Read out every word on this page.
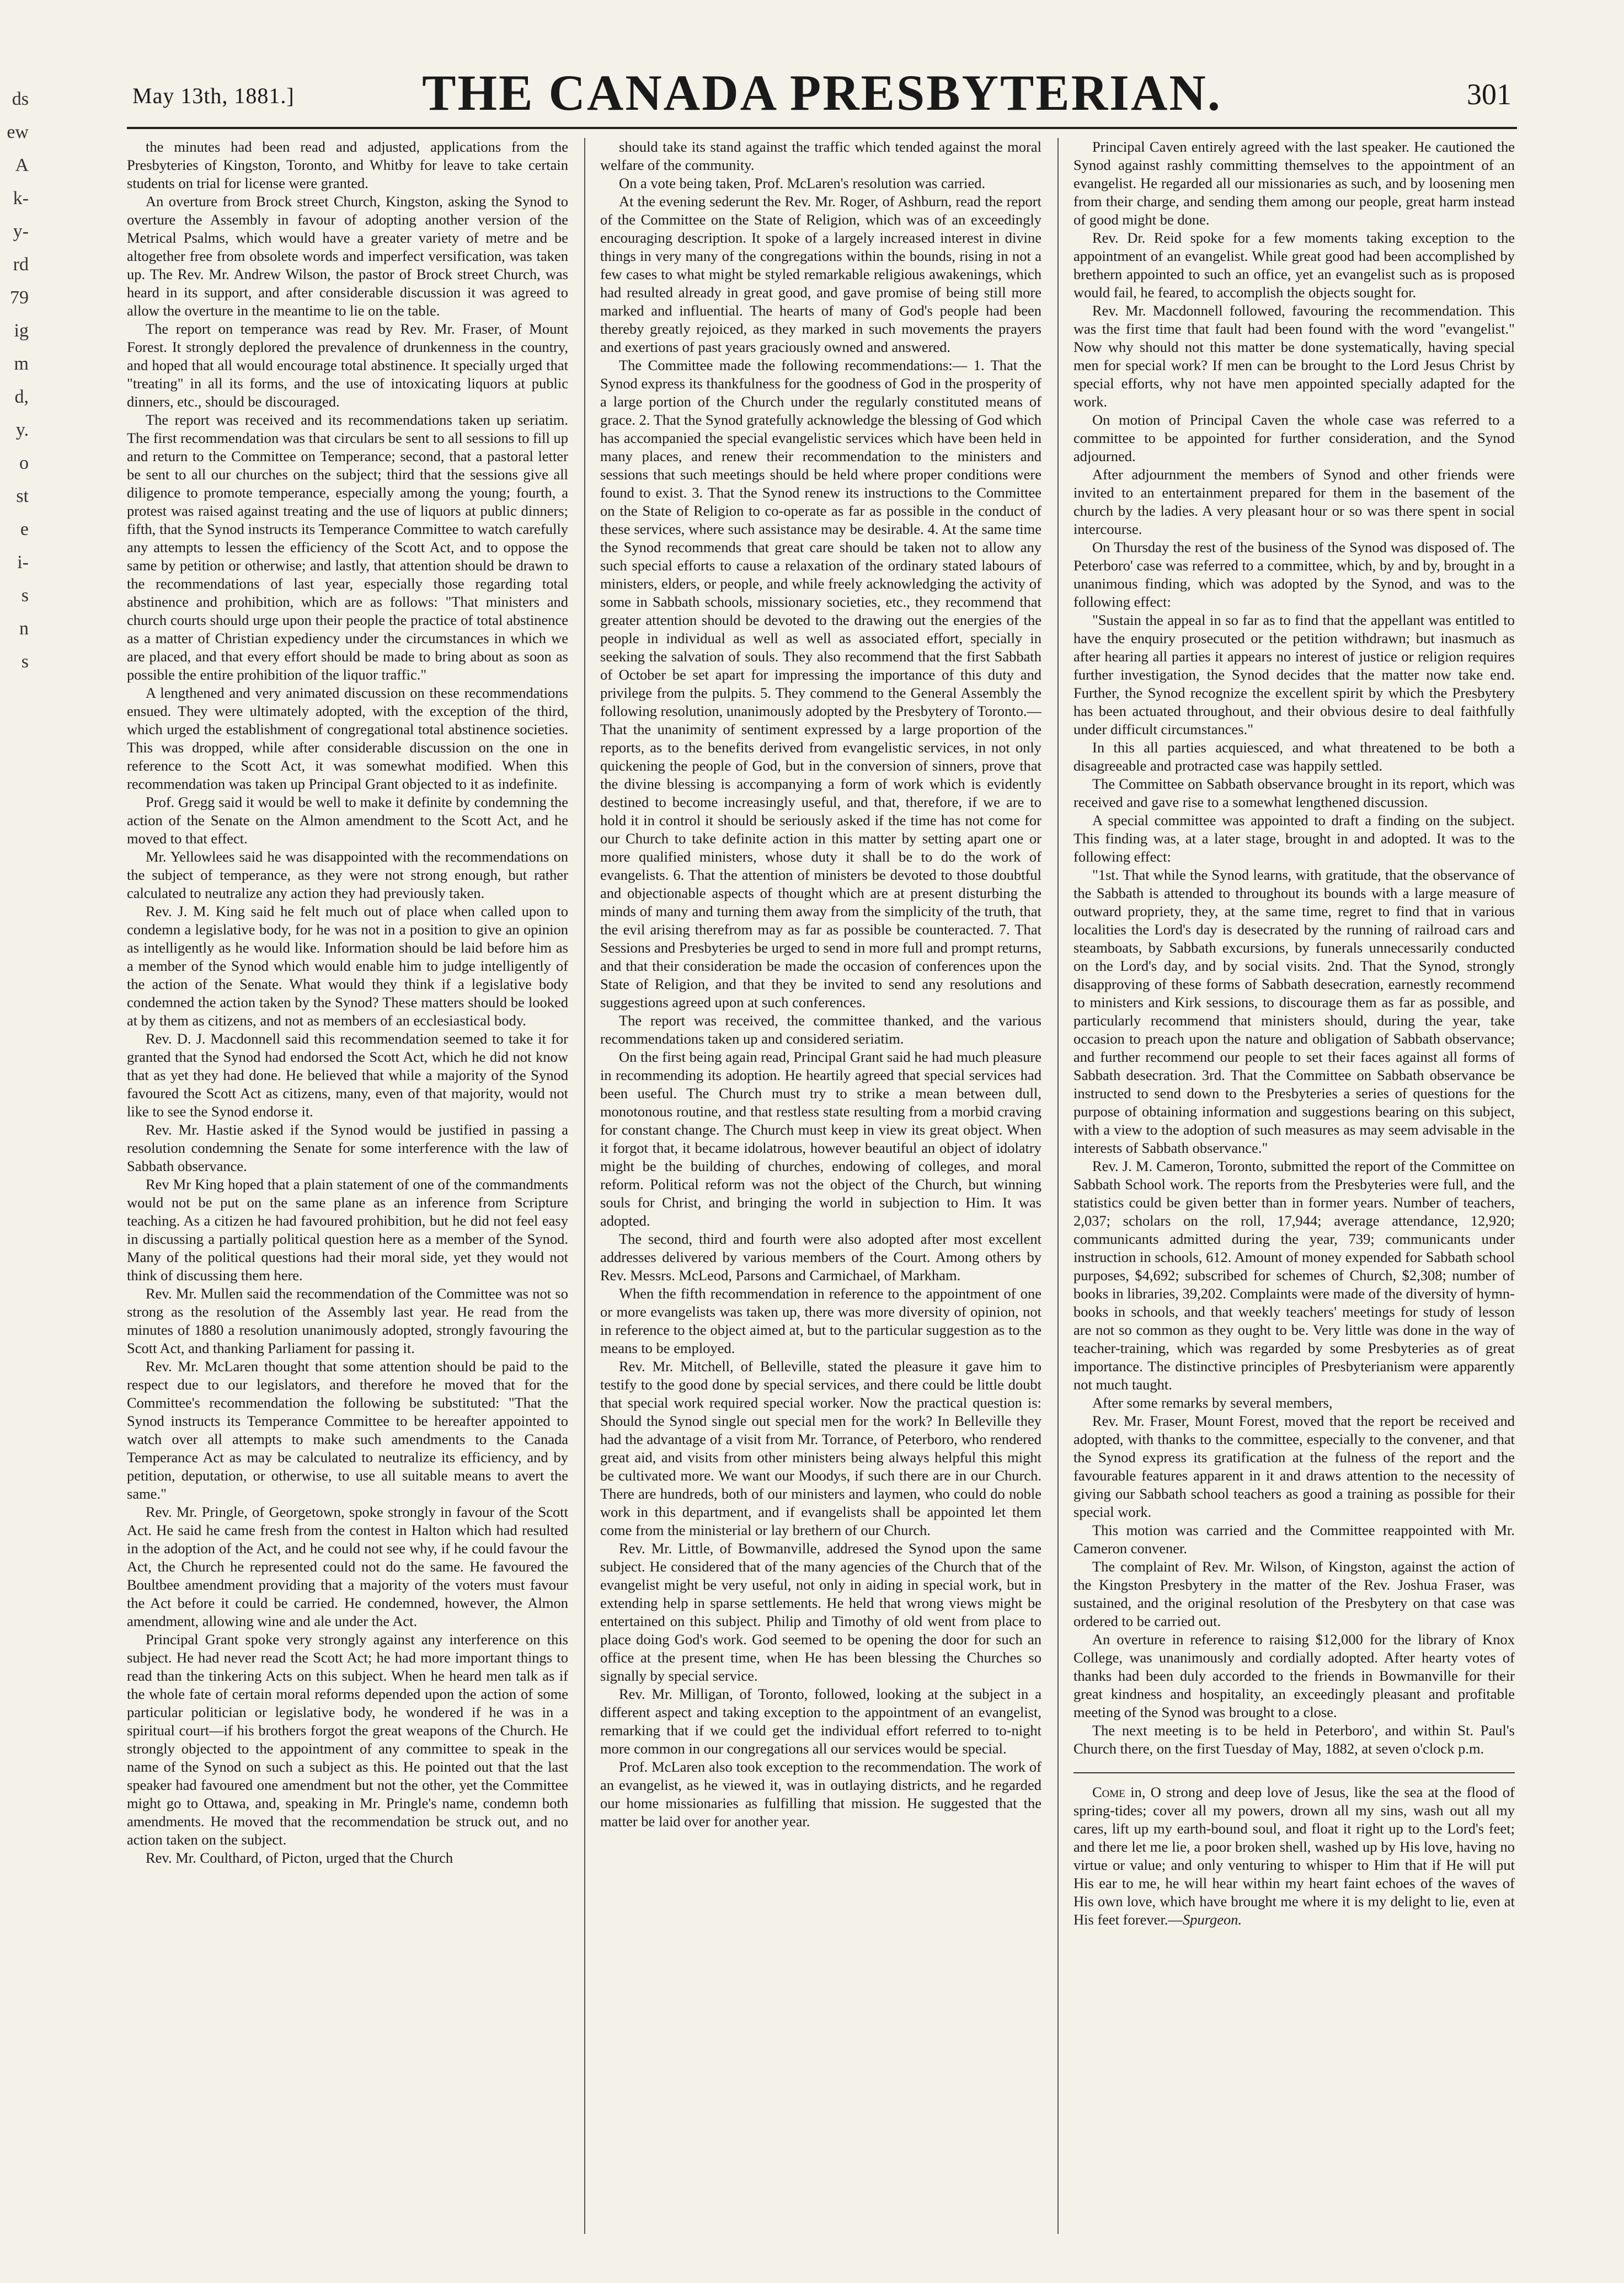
ds
ew
A
k-
y-
rd
79
ig
m
d,
y.
o
st
e
i-
s
n
s
May 13th, 1881.]	THE CANADA PRESBYTERIAN.	301

the minutes had been read and adjusted, applications from the Presbyteries of Kingston, Toronto, and Whitby for leave to take certain students on trial for license were granted.

An overture from Brock street Church, Kingston, asking the Synod to overture the Assembly in favour of adopting another version of the Metrical Psalms, which would have a greater variety of metre and be altogether free from obsolete words and imperfect versification, was taken up. The Rev. Mr. Andrew Wilson, the pastor of Brock street Church, was heard in its support, and after considerable discussion it was agreed to allow the overture in the meantime to lie on the table.

The report on temperance was read by Rev. Mr. Fraser, of Mount Forest. It strongly deplored the prevalence of drunkenness in the country, and hoped that all would encourage total abstinence. It specially urged that "treating" in all its forms, and the use of intoxicating liquors at public dinners, etc., should be discouraged.

The report was received and its recommendations taken up seriatim. The first recommendation was that circulars be sent to all sessions to fill up and return to the Committee on Temperance; second, that a pastoral letter be sent to all our churches on the subject; third that the sessions give all diligence to promote temperance, especially among the young; fourth, a protest was raised against treating and the use of liquors at public dinners; fifth, that the Synod instructs its Temperance Committee to watch carefully any attempts to lessen the efficiency of the Scott Act, and to oppose the same by petition or otherwise; and lastly, that attention should be drawn to the recommendations of last year, especially those regarding total abstinence and prohibition, which are as follows: "That ministers and church courts should urge upon their people the practice of total abstinence as a matter of Christian expediency under the circumstances in which we are placed, and that every effort should be made to bring about as soon as possible the entire prohibition of the liquor traffic."

A lengthened and very animated discussion on these recommendations ensued. They were ultimately adopted, with the exception of the third, which urged the establishment of congregational total abstinence societies. This was dropped, while after considerable discussion on the one in reference to the Scott Act, it was somewhat modified. When this recommendation was taken up Principal Grant objected to it as indefinite.

Prof. Gregg said it would be well to make it definite by condemning the action of the Senate on the Almon amendment to the Scott Act, and he moved to that effect.

Mr. Yellowlees said he was disappointed with the recommendations on the subject of temperance, as they were not strong enough, but rather calculated to neutralize any action they had previously taken.

Rev. J. M. King said he felt much out of place when called upon to condemn a legislative body, for he was not in a position to give an opinion as intelligently as he would like. Information should be laid before him as a member of the Synod which would enable him to judge intelligently of the action of the Senate. What would they think if a legislative body condemned the action taken by the Synod? These matters should be looked at by them as citizens, and not as members of an ecclesiastical body.

Rev. D. J. Macdonnell said this recommendation seemed to take it for granted that the Synod had endorsed the Scott Act, which he did not know that as yet they had done. He believed that while a majority of the Synod favoured the Scott Act as citizens, many, even of that majority, would not like to see the Synod endorse it.

Rev. Mr. Hastie asked if the Synod would be justified in passing a resolution condemning the Senate for some interference with the law of Sabbath observance.

Rev Mr King hoped that a plain statement of one of the commandments would not be put on the same plane as an inference from Scripture teaching. As a citizen he had favoured prohibition, but he did not feel easy in discussing a partially political question here as a member of the Synod. Many of the political questions had their moral side, yet they would not think of discussing them here.

Rev. Mr. Mullen said the recommendation of the Committee was not so strong as the resolution of the Assembly last year. He read from the minutes of 1880 a resolution unanimously adopted, strongly favouring the Scott Act, and thanking Parliament for passing it.

Rev. Mr. McLaren thought that some attention should be paid to the respect due to our legislators, and therefore he moved that for the Committee's recommendation the following be substituted: "That the Synod instructs its Temperance Committee to be hereafter appointed to watch over all attempts to make such amendments to the Canada Temperance Act as may be calculated to neutralize its efficiency, and by petition, deputation, or otherwise, to use all suitable means to avert the same."

Rev. Mr. Pringle, of Georgetown, spoke strongly in favour of the Scott Act. He said he came fresh from the contest in Halton which had resulted in the adoption of the Act, and he could not see why, if he could favour the Act, the Church he represented could not do the same. He favoured the Boultbee amendment providing that a majority of the voters must favour the Act before it could be carried. He condemned, however, the Almon amendment, allowing wine and ale under the Act.

Principal Grant spoke very strongly against any interference on this subject. He had never read the Scott Act; he had more important things to read than the tinkering Acts on this subject. When he heard men talk as if the whole fate of certain moral reforms depended upon the action of some particular politician or legislative body, he wondered if he was in a spiritual court—if his brothers forgot the great weapons of the Church. He strongly objected to the appointment of any committee to speak in the name of the Synod on such a subject as this. He pointed out that the last speaker had favoured one amendment but not the other, yet the Committee might go to Ottawa, and, speaking in Mr. Pringle's name, condemn both amendments. He moved that the recommendation be struck out, and no action taken on the subject.

Rev. Mr. Coulthard, of Picton, urged that the Church

should take its stand against the traffic which tended against the moral welfare of the community.

On a vote being taken, Prof. McLaren's resolution was carried.

At the evening sederunt the Rev. Mr. Roger, of Ashburn, read the report of the Committee on the State of Religion, which was of an exceedingly encouraging description. It spoke of a largely increased interest in divine things in very many of the congregations within the bounds, rising in not a few cases to what might be styled remarkable religious awakenings, which had resulted already in great good, and gave promise of being still more marked and influential. The hearts of many of God's people had been thereby greatly rejoiced, as they marked in such movements the prayers and exertions of past years graciously owned and answered.

The Committee made the following recommendations:— 1. That the Synod express its thankfulness for the goodness of God in the prosperity of a large portion of the Church under the regularly constituted means of grace. 2. That the Synod gratefully acknowledge the blessing of God which has accompanied the special evangelistic services which have been held in many places, and renew their recommendation to the ministers and sessions that such meetings should be held where proper conditions were found to exist. 3. That the Synod renew its instructions to the Committee on the State of Religion to co-operate as far as possible in the conduct of these services, where such assistance may be desirable. 4. At the same time the Synod recommends that great care should be taken not to allow any such special efforts to cause a relaxation of the ordinary stated labours of ministers, elders, or people, and while freely acknowledging the activity of some in Sabbath schools, missionary societies, etc., they recommend that greater attention should be devoted to the drawing out the energies of the people in individual as well as well as associated effort, specially in seeking the salvation of souls. They also recommend that the first Sabbath of October be set apart for impressing the importance of this duty and privilege from the pulpits. 5. They commend to the General Assembly the following resolution, unanimously adopted by the Presbytery of Toronto.—That the unanimity of sentiment expressed by a large proportion of the reports, as to the benefits derived from evangelistic services, in not only quickening the people of God, but in the conversion of sinners, prove that the divine blessing is accompanying a form of work which is evidently destined to become increasingly useful, and that, therefore, if we are to hold it in control it should be seriously asked if the time has not come for our Church to take definite action in this matter by setting apart one or more qualified ministers, whose duty it shall be to do the work of evangelists. 6. That the attention of ministers be devoted to those doubtful and objectionable aspects of thought which are at present disturbing the minds of many and turning them away from the simplicity of the truth, that the evil arising therefrom may as far as possible be counteracted. 7. That Sessions and Presbyteries be urged to send in more full and prompt returns, and that their consideration be made the occasion of conferences upon the State of Religion, and that they be invited to send any resolutions and suggestions agreed upon at such conferences.

The report was received, the committee thanked, and the various recommendations taken up and considered seriatim.

On the first being again read, Principal Grant said he had much pleasure in recommending its adoption. He heartily agreed that special services had been useful. The Church must try to strike a mean between dull, monotonous routine, and that restless state resulting from a morbid craving for constant change. The Church must keep in view its great object. When it forgot that, it became idolatrous, however beautiful an object of idolatry might be the building of churches, endowing of colleges, and moral reform. Political reform was not the object of the Church, but winning souls for Christ, and bringing the world in subjection to Him. It was adopted.

The second, third and fourth were also adopted after most excellent addresses delivered by various members of the Court. Among others by Rev. Messrs. McLeod, Parsons and Carmichael, of Markham.

When the fifth recommendation in reference to the appointment of one or more evangelists was taken up, there was more diversity of opinion, not in reference to the object aimed at, but to the particular suggestion as to the means to be employed.

Rev. Mr. Mitchell, of Belleville, stated the pleasure it gave him to testify to the good done by special services, and there could be little doubt that special work required special worker. Now the practical question is: Should the Synod single out special men for the work? In Belleville they had the advantage of a visit from Mr. Torrance, of Peterboro, who rendered great aid, and visits from other ministers being always helpful this might be cultivated more. We want our Moodys, if such there are in our Church. There are hundreds, both of our ministers and laymen, who could do noble work in this department, and if evangelists shall be appointed let them come from the ministerial or lay brethern of our Church.

Rev. Mr. Little, of Bowmanville, addresed the Synod upon the same subject. He considered that of the many agencies of the Church that of the evangelist might be very useful, not only in aiding in special work, but in extending help in sparse settlements. He held that wrong views might be entertained on this subject. Philip and Timothy of old went from place to place doing God's work. God seemed to be opening the door for such an office at the present time, when He has been blessing the Churches so signally by special service.

Rev. Mr. Milligan, of Toronto, followed, looking at the subject in a different aspect and taking exception to the appointment of an evangelist, remarking that if we could get the individual effort referred to to-night more common in our congregations all our services would be special.

Prof. McLaren also took exception to the recommendation. The work of an evangelist, as he viewed it, was in outlaying districts, and he regarded our home missionaries as fulfilling that mission. He suggested that the matter be laid over for another year.

Principal Caven entirely agreed with the last speaker. He cautioned the Synod against rashly committing themselves to the appointment of an evangelist. He regarded all our missionaries as such, and by loosening men from their charge, and sending them among our people, great harm instead of good might be done.

Rev. Dr. Reid spoke for a few moments taking exception to the appointment of an evangelist. While great good had been accomplished by brethern appointed to such an office, yet an evangelist such as is proposed would fail, he feared, to accomplish the objects sought for.

Rev. Mr. Macdonnell followed, favouring the recommendation. This was the first time that fault had been found with the word "evangelist." Now why should not this matter be done systematically, having special men for special work? If men can be brought to the Lord Jesus Christ by special efforts, why not have men appointed specially adapted for the work.

On motion of Principal Caven the whole case was referred to a committee to be appointed for further consideration, and the Synod adjourned.

After adjournment the members of Synod and other friends were invited to an entertainment prepared for them in the basement of the church by the ladies. A very pleasant hour or so was there spent in social intercourse.

On Thursday the rest of the business of the Synod was disposed of. The Peterboro' case was referred to a committee, which, by and by, brought in a unanimous finding, which was adopted by the Synod, and was to the following effect:

"Sustain the appeal in so far as to find that the appellant was entitled to have the enquiry prosecuted or the petition withdrawn; but inasmuch as after hearing all parties it appears no interest of justice or religion requires further investigation, the Synod decides that the matter now take end. Further, the Synod recognize the excellent spirit by which the Presbytery has been actuated throughout, and their obvious desire to deal faithfully under difficult circumstances."

In this all parties acquiesced, and what threatened to be both a disagreeable and protracted case was happily settled.

The Committee on Sabbath observance brought in its report, which was received and gave rise to a somewhat lengthened discussion.

A special committee was appointed to draft a finding on the subject. This finding was, at a later stage, brought in and adopted. It was to the following effect:

"1st. That while the Synod learns, with gratitude, that the observance of the Sabbath is attended to throughout its bounds with a large measure of outward propriety, they, at the same time, regret to find that in various localities the Lord's day is desecrated by the running of railroad cars and steamboats, by Sabbath excursions, by funerals unnecessarily conducted on the Lord's day, and by social visits. 2nd. That the Synod, strongly disapproving of these forms of Sabbath desecration, earnestly recommend to ministers and Kirk sessions, to discourage them as far as possible, and particularly recommend that ministers should, during the year, take occasion to preach upon the nature and obligation of Sabbath observance; and further recommend our people to set their faces against all forms of Sabbath desecration. 3rd. That the Committee on Sabbath observance be instructed to send down to the Presbyteries a series of questions for the purpose of obtaining information and suggestions bearing on this subject, with a view to the adoption of such measures as may seem advisable in the interests of Sabbath observance."

Rev. J. M. Cameron, Toronto, submitted the report of the Committee on Sabbath School work. The reports from the Presbyteries were full, and the statistics could be given better than in former years. Number of teachers, 2,037; scholars on the roll, 17,944; average attendance, 12,920; communicants admitted during the year, 739; communicants under instruction in schools, 612. Amount of money expended for Sabbath school purposes, $4,692; subscribed for schemes of Church, $2,308; number of books in libraries, 39,202. Complaints were made of the diversity of hymn-books in schools, and that weekly teachers' meetings for study of lesson are not so common as they ought to be. Very little was done in the way of teacher-training, which was regarded by some Presbyteries as of great importance. The distinctive principles of Presbyterianism were apparently not much taught.

After some remarks by several members,

Rev. Mr. Fraser, Mount Forest, moved that the report be received and adopted, with thanks to the committee, especially to the convener, and that the Synod express its gratification at the fulness of the report and the favourable features apparent in it and draws attention to the necessity of giving our Sabbath school teachers as good a training as possible for their special work.

This motion was carried and the Committee reappointed with Mr. Cameron convener.

The complaint of Rev. Mr. Wilson, of Kingston, against the action of the Kingston Presbytery in the matter of the Rev. Joshua Fraser, was sustained, and the original resolution of the Presbytery on that case was ordered to be carried out.

An overture in reference to raising $12,000 for the library of Knox College, was unanimously and cordially adopted. After hearty votes of thanks had been duly accorded to the friends in Bowmanville for their great kindness and hospitality, an exceedingly pleasant and profitable meeting of the Synod was brought to a close.

The next meeting is to be held in Peterboro', and within St. Paul's Church there, on the first Tuesday of May, 1882, at seven o'clock p.m.

Come in, O strong and deep love of Jesus, like the sea at the flood of spring-tides; cover all my powers, drown all my sins, wash out all my cares, lift up my earth-bound soul, and float it right up to the Lord's feet; and there let me lie, a poor broken shell, washed up by His love, having no virtue or value; and only venturing to whisper to Him that if He will put His ear to me, he will hear within my heart faint echoes of the waves of His own love, which have brought me where it is my delight to lie, even at His feet forever.—Spurgeon.
